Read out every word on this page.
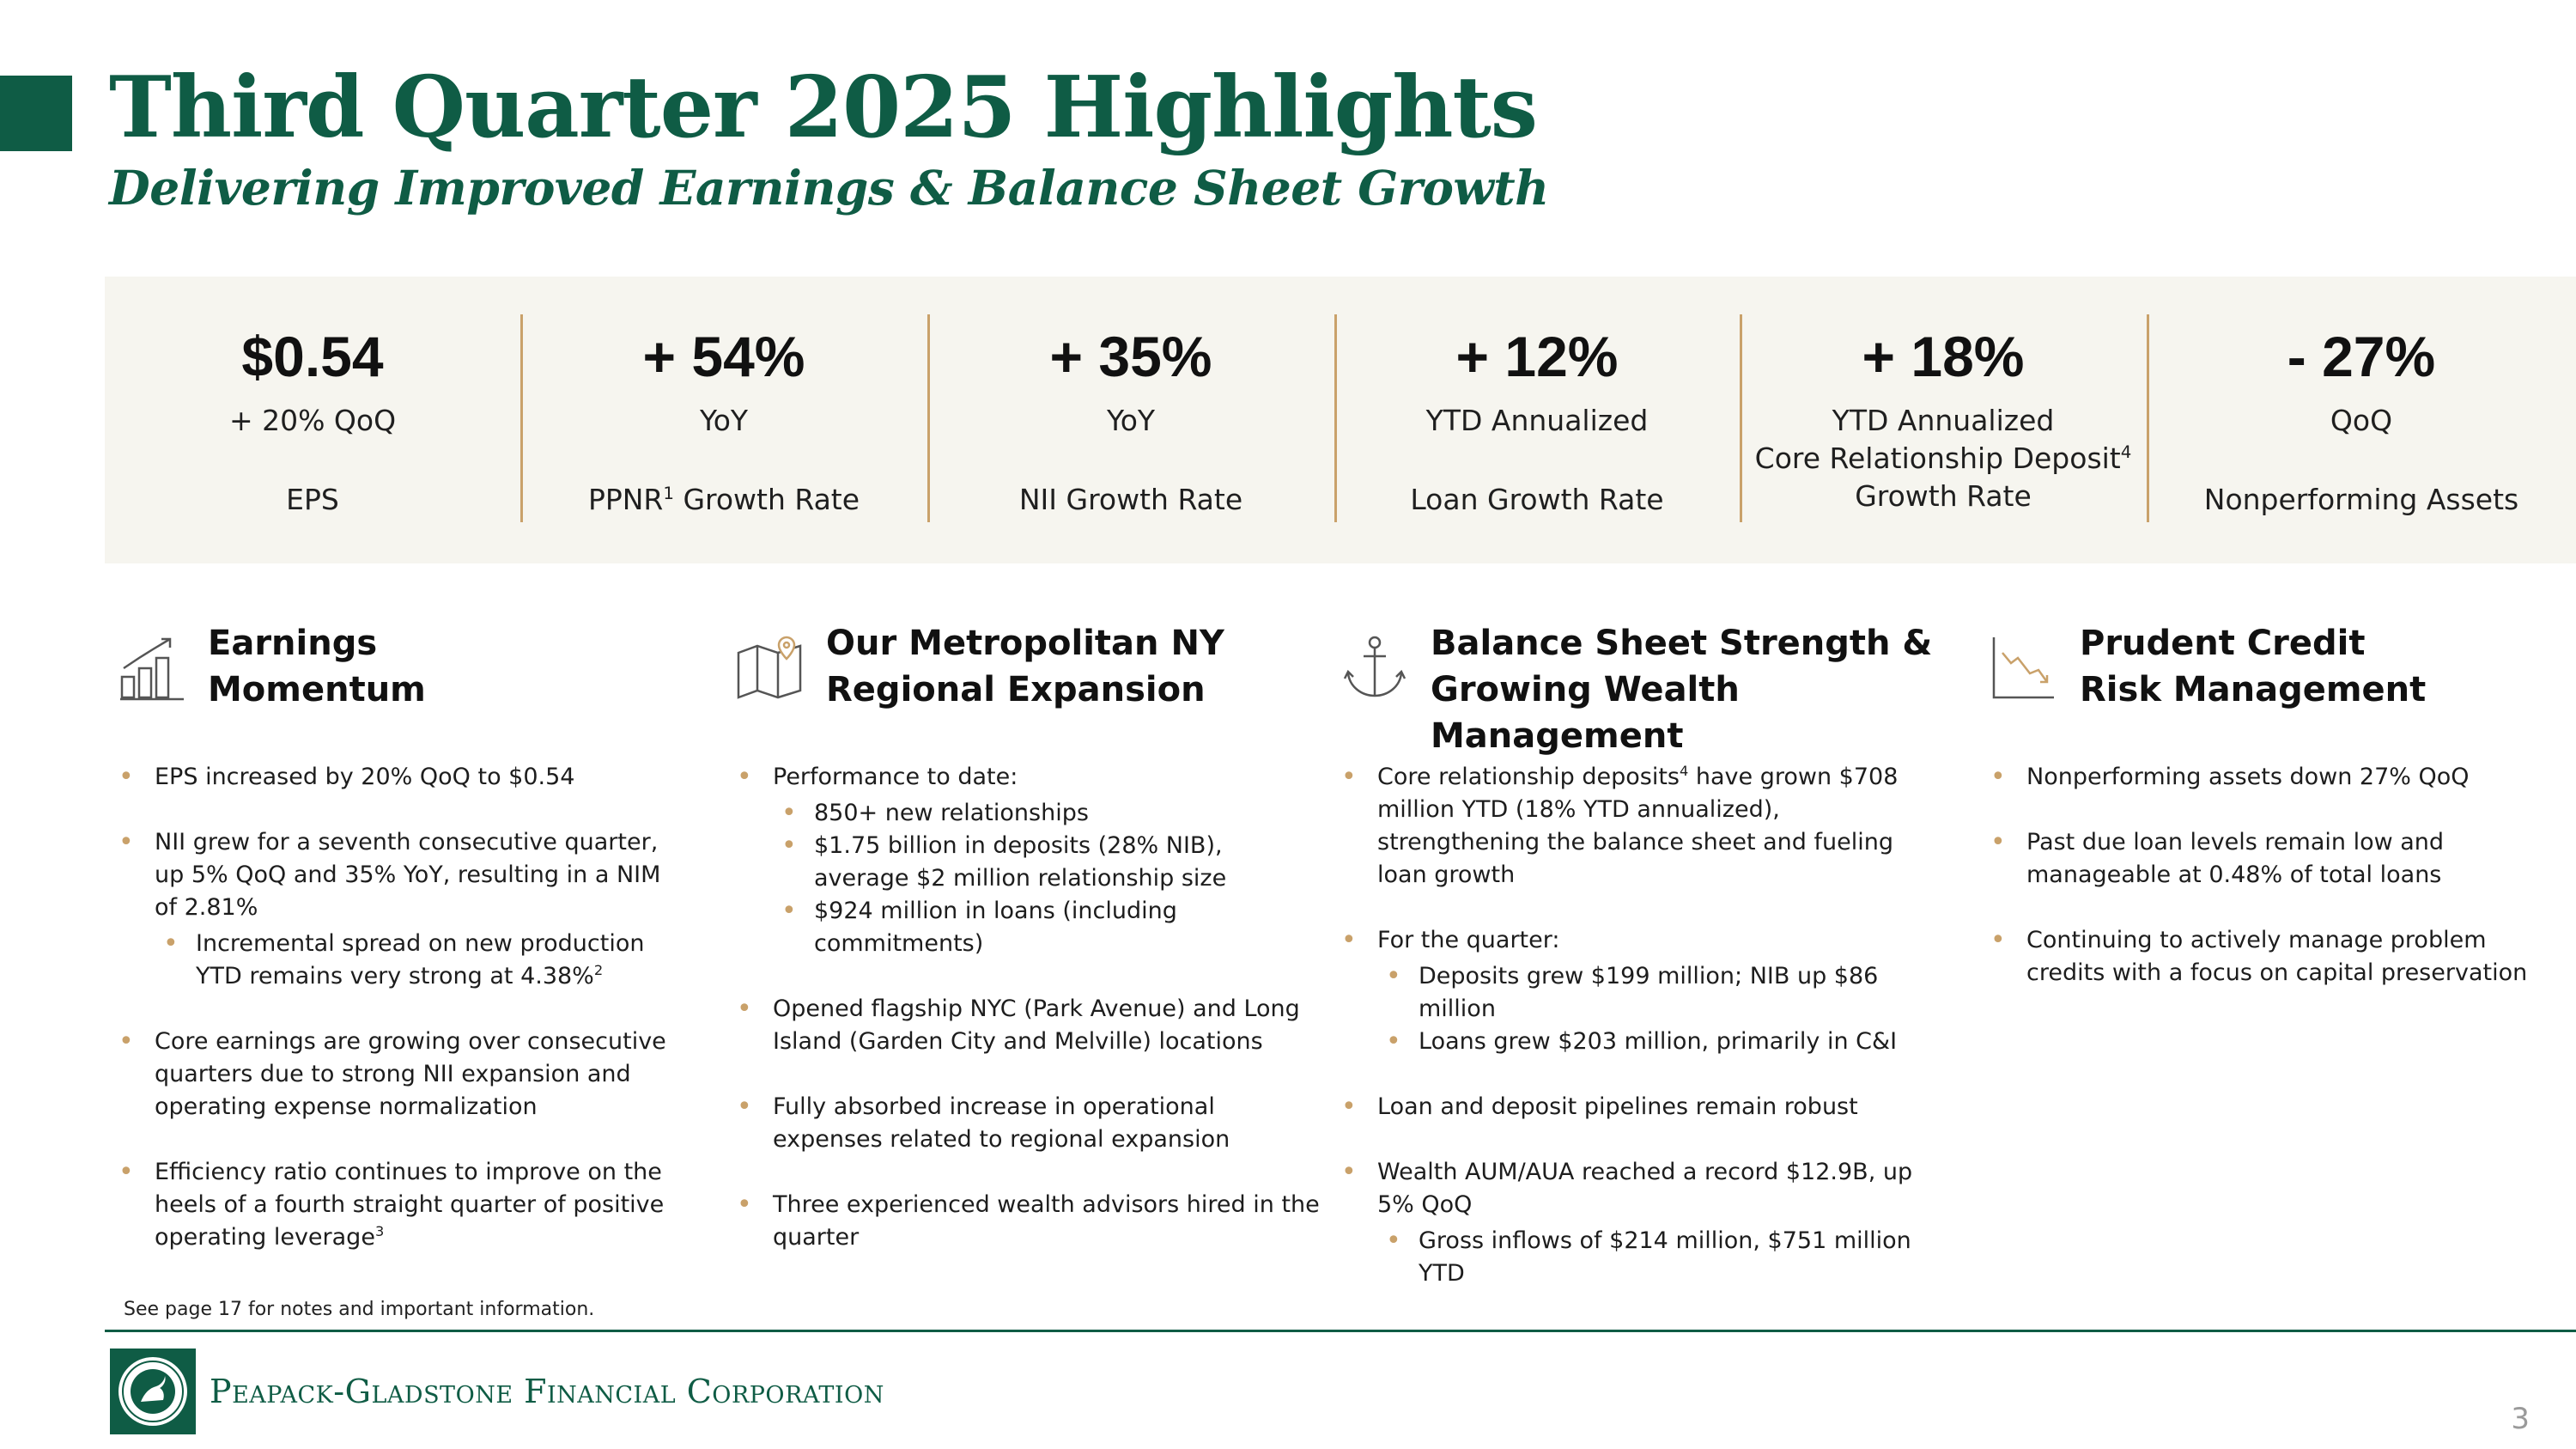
Third Quarter 2025 Highlights
Delivering Improved Earnings & Balance Sheet Growth
$0.54
+ 20% QoQ
EPS
+ 54%
YoY
PPNR$^1$ Growth Rate
+ 35%
YoY
NII Growth Rate
+ 12%
YTD Annualized
Loan Growth Rate
+ 18%
YTD Annualized
Core Relationship Deposit$^4$
Growth Rate
- 27%
QoQ
Nonperforming Assets
Earnings
Momentum
• EPS increased by 20% QoQ to $0.54
• NII grew for a seventh consecutive quarter, up 5% QoQ and 35% YoY, resulting in a NIM of 2.81%
• Incremental spread on new production YTD remains very strong at 4.38%$^2$
• Core earnings are growing over consecutive quarters due to strong NII expansion and operating expense normalization
• Efficiency ratio continues to improve on the heels of a fourth straight quarter of positive operating leverage$^3$
Our Metropolitan NY
Regional Expansion
• Performance to date:
• 850+ new relationships
• $1.75 billion in deposits (28% NIB), average $2 million relationship size
• $924 million in loans (including commitments)
• Opened flagship NYC (Park Avenue) and Long Island (Garden City and Melville) locations
• Fully absorbed increase in operational expenses related to regional expansion
• Three experienced wealth advisors hired in the quarter
Balance Sheet Strength &
Growing Wealth Management
• Core relationship deposits$^4$ have grown $708 million YTD (18% YTD annualized), strengthening the balance sheet and fueling loan growth
• For the quarter:
• Deposits grew $199 million; NIB up $86 million
• Loans grew $203 million, primarily in C&I
• Loan and deposit pipelines remain robust
• Wealth AUM/AUA reached a record $12.9B, up 5% QoQ
• Gross inflows of $214 million, $751 million YTD
Prudent Credit
Risk Management
• Nonperforming assets down 27% QoQ
• Past due loan levels remain low and manageable at 0.48% of total loans
• Continuing to actively manage problem credits with a focus on capital preservation
See page 17 for notes and important information.
Peapack-Gladstone Financial Corporation
3
